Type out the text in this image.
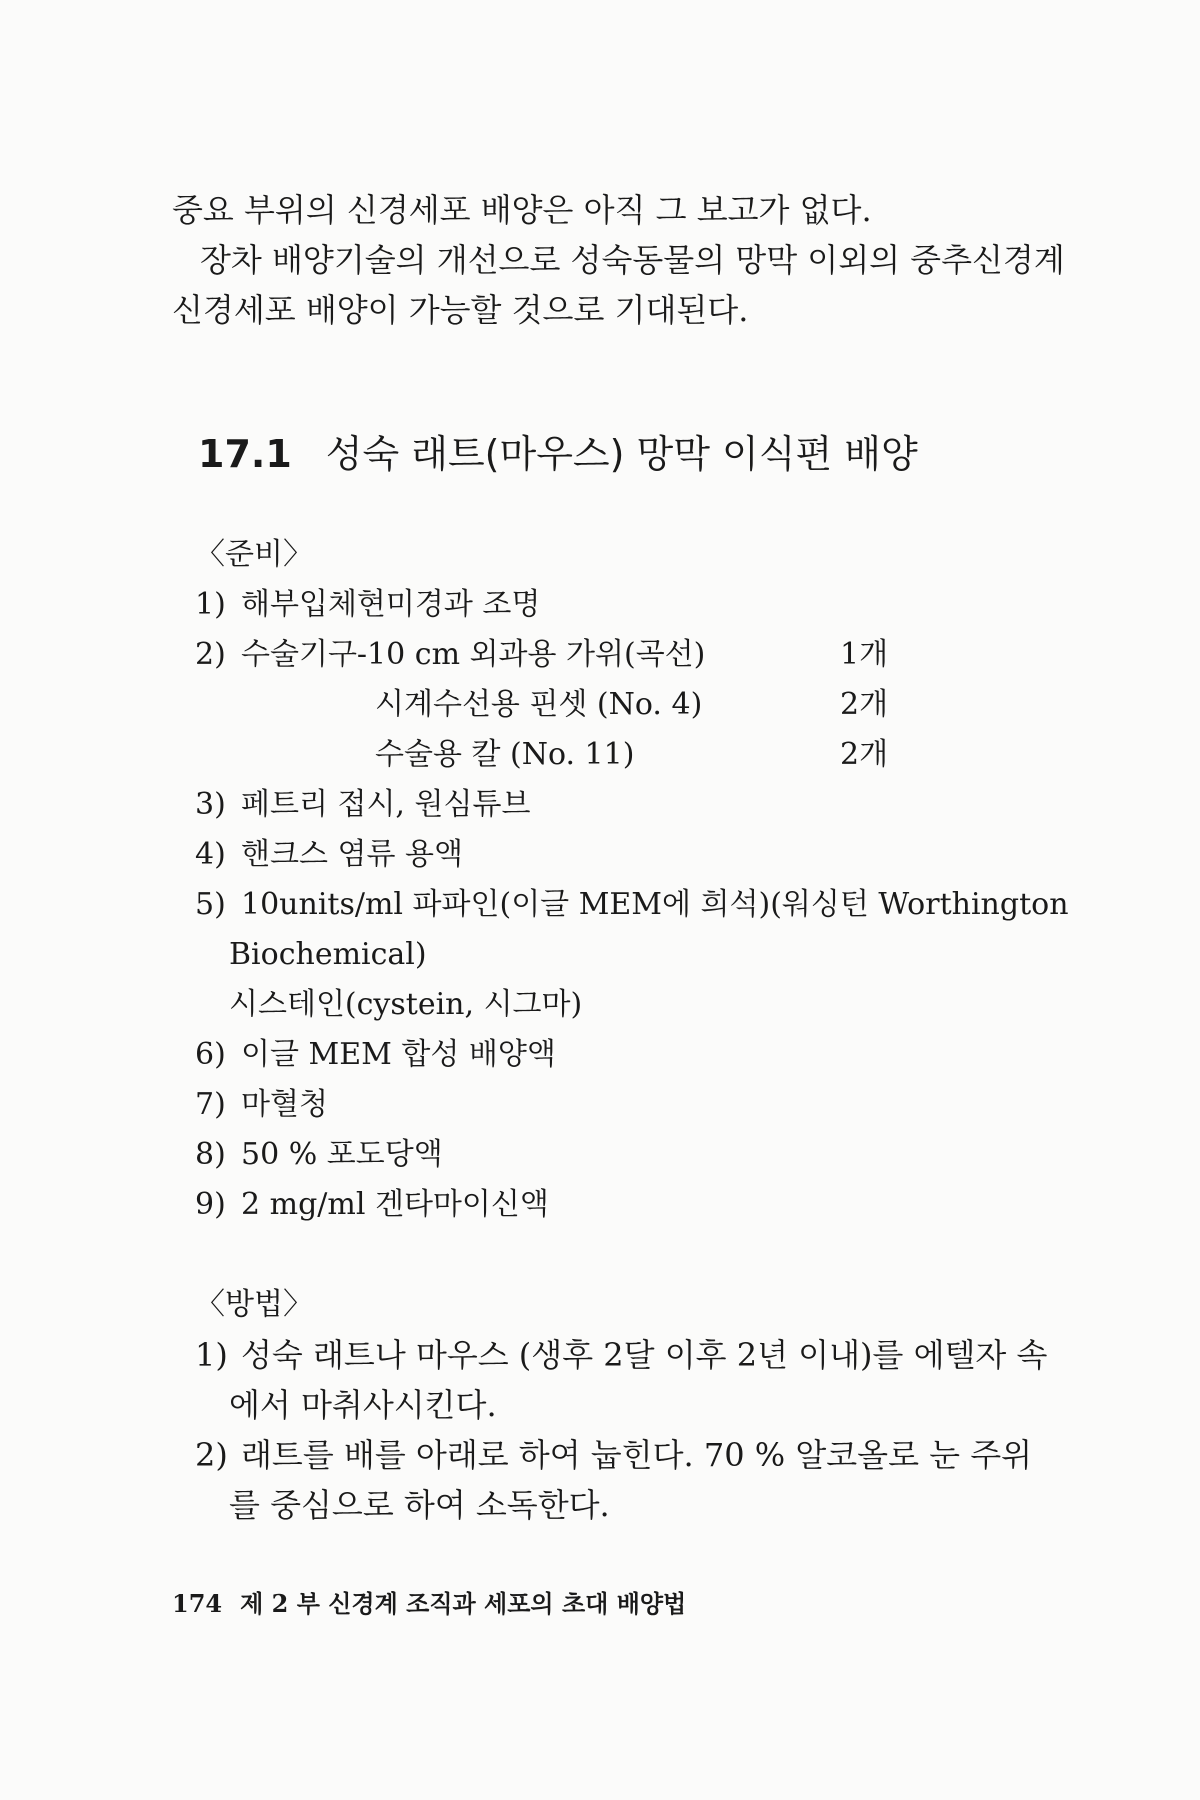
중요 부위의 신경세포 배양은 아직 그 보고가 없다.
장차 배양기술의 개선으로 성숙동물의 망막 이외의 중추신경계
신경세포 배양이 가능할 것으로 기대된다.
17.1 성숙 래트(마우스) 망막 이식편 배양
〈준비〉
1) 해부입체현미경과 조명
2) 수술기구-10 cm 외과용 가위(곡선)	1개
시계수선용 핀셋 (No. 4)	2개
수술용 칼 (No. 11)	2개
3) 페트리 접시, 원심튜브
4) 핸크스 염류 용액
5) 10units/ml 파파인(이글 MEM에 희석)(워싱턴 Worthington
Biochemical)
시스테인(cystein, 시그마)
6) 이글 MEM 합성 배양액
7) 마혈청
8) 50 % 포도당액
9) 2 mg/ml 겐타마이신액
〈방법〉
1) 성숙 래트나 마우스 (생후 2달 이후 2년 이내)를 에텔자 속
에서 마취사시킨다.
2) 래트를 배를 아래로 하여 눕힌다. 70 % 알코올로 눈 주위
를 중심으로 하여 소독한다.
174 제 2 부 신경계 조직과 세포의 초대 배양법
